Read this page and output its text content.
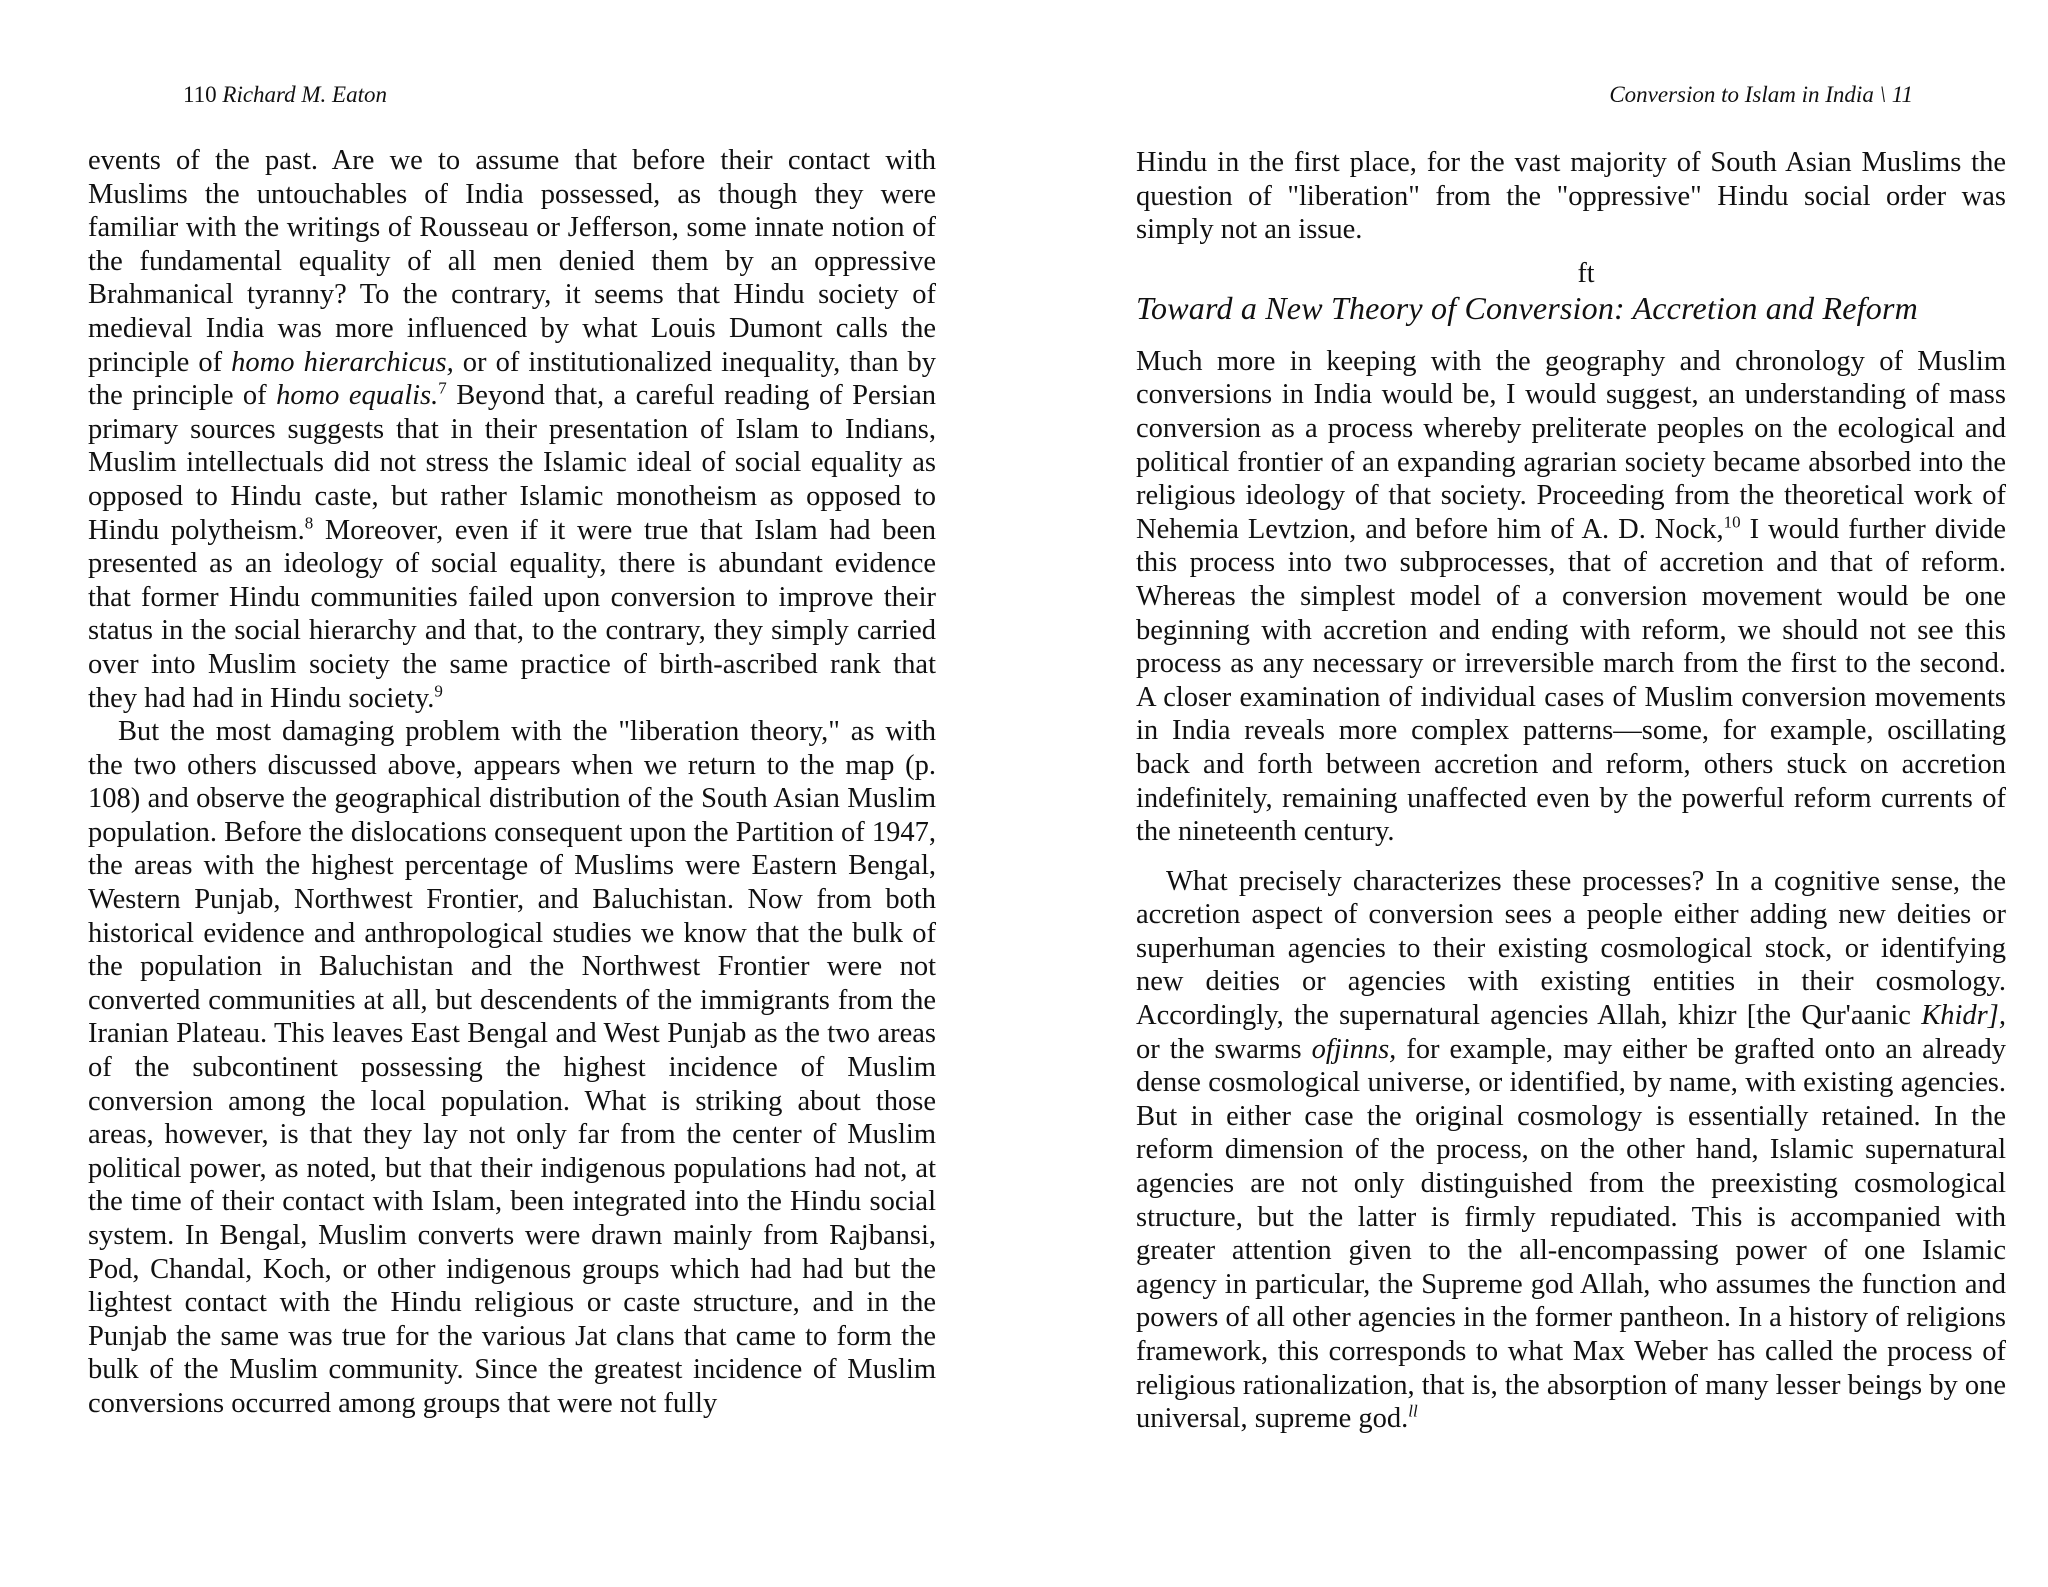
110 Richard M. Eaton

events of the past. Are we to assume that before their contact with Muslims the untouchables of India possessed, as though they were familiar with the writings of Rousseau or Jefferson, some innate notion of the fundamental equality of all men denied them by an oppressive Brahmanical tyranny? To the contrary, it seems that Hindu society of medieval India was more influenced by what Louis Dumont calls the principle of homo hierarchicus, or of institutionalized inequality, than by the principle of homo equalis.$^7$ Beyond that, a careful reading of Persian primary sources suggests that in their presentation of Islam to Indians, Muslim intellectuals did not stress the Islamic ideal of social equality as opposed to Hindu caste, but rather Islamic monotheism as opposed to Hindu polytheism.$^8$ Moreover, even if it were true that Islam had been presented as an ideology of social equality, there is abundant evidence that former Hindu communities failed upon conversion to improve their status in the social hierarchy and that, to the contrary, they simply carried over into Muslim society the same practice of birth-ascribed rank that they had had in Hindu society.$^9$

But the most damaging problem with the "liberation theory," as with the two others discussed above, appears when we return to the map (p. 108) and observe the geographical distribution of the South Asian Muslim population. Before the dislocations consequent upon the Partition of 1947, the areas with the highest percentage of Muslims were Eastern Bengal, Western Punjab, Northwest Frontier, and Baluchistan. Now from both historical evidence and anthropological studies we know that the bulk of the population in Baluchistan and the Northwest Frontier were not converted communities at all, but descendents of the immigrants from the Iranian Plateau. This leaves East Bengal and West Punjab as the two areas of the subcontinent possessing the highest incidence of Muslim conversion among the local population. What is striking about those areas, however, is that they lay not only far from the center of Muslim political power, as noted, but that their indigenous populations had not, at the time of their contact with Islam, been integrated into the Hindu social system. In Bengal, Muslim converts were drawn mainly from Rajbansi, Pod, Chandal, Koch, or other indigenous groups which had had but the lightest contact with the Hindu religious or caste structure, and in the Punjab the same was true for the various Jat clans that came to form the bulk of the Muslim community. Since the greatest incidence of Muslim conversions occurred among groups that were not fully

Conversion to Islam in India \ 11

Hindu in the first place, for the vast majority of South Asian Muslims the question of "liberation" from the "oppressive" Hindu social order was simply not an issue.

ft
Toward a New Theory of Conversion: Accretion and Reform

Much more in keeping with the geography and chronology of Muslim conversions in India would be, I would suggest, an understanding of mass conversion as a process whereby preliterate peoples on the ecological and political frontier of an expanding agrarian society became absorbed into the religious ideology of that society. Proceeding from the theoretical work of Nehemia Levtzion, and before him of A. D. Nock,$^{10}$ I would further divide this process into two subprocesses, that of accretion and that of reform. Whereas the simplest model of a conversion movement would be one beginning with accretion and ending with reform, we should not see this process as any necessary or irreversible march from the first to the second. A closer examination of individual cases of Muslim conversion movements in India reveals more complex patterns—some, for example, oscillating back and forth between accretion and reform, others stuck on accretion indefinitely, remaining unaffected even by the powerful reform currents of the nineteenth century.

What precisely characterizes these processes? In a cognitive sense, the accretion aspect of conversion sees a people either adding new deities or superhuman agencies to their existing cosmological stock, or identifying new deities or agencies with existing entities in their cosmology. Accordingly, the supernatural agencies Allah, khizr [the Qur'aanic Khidr], or the swarms ofjinns, for example, may either be grafted onto an already dense cosmological universe, or identified, by name, with existing agencies. But in either case the original cosmology is essentially retained. In the reform dimension of the process, on the other hand, Islamic supernatural agencies are not only distinguished from the preexisting cosmological structure, but the latter is firmly repudiated. This is accompanied with greater attention given to the all-encompassing power of one Islamic agency in particular, the Supreme god Allah, who assumes the function and powers of all other agencies in the former pantheon. In a history of religions framework, this corresponds to what Max Weber has called the process of religious rationalization, that is, the absorption of many lesser beings by one universal, supreme god.$^{ll}$
